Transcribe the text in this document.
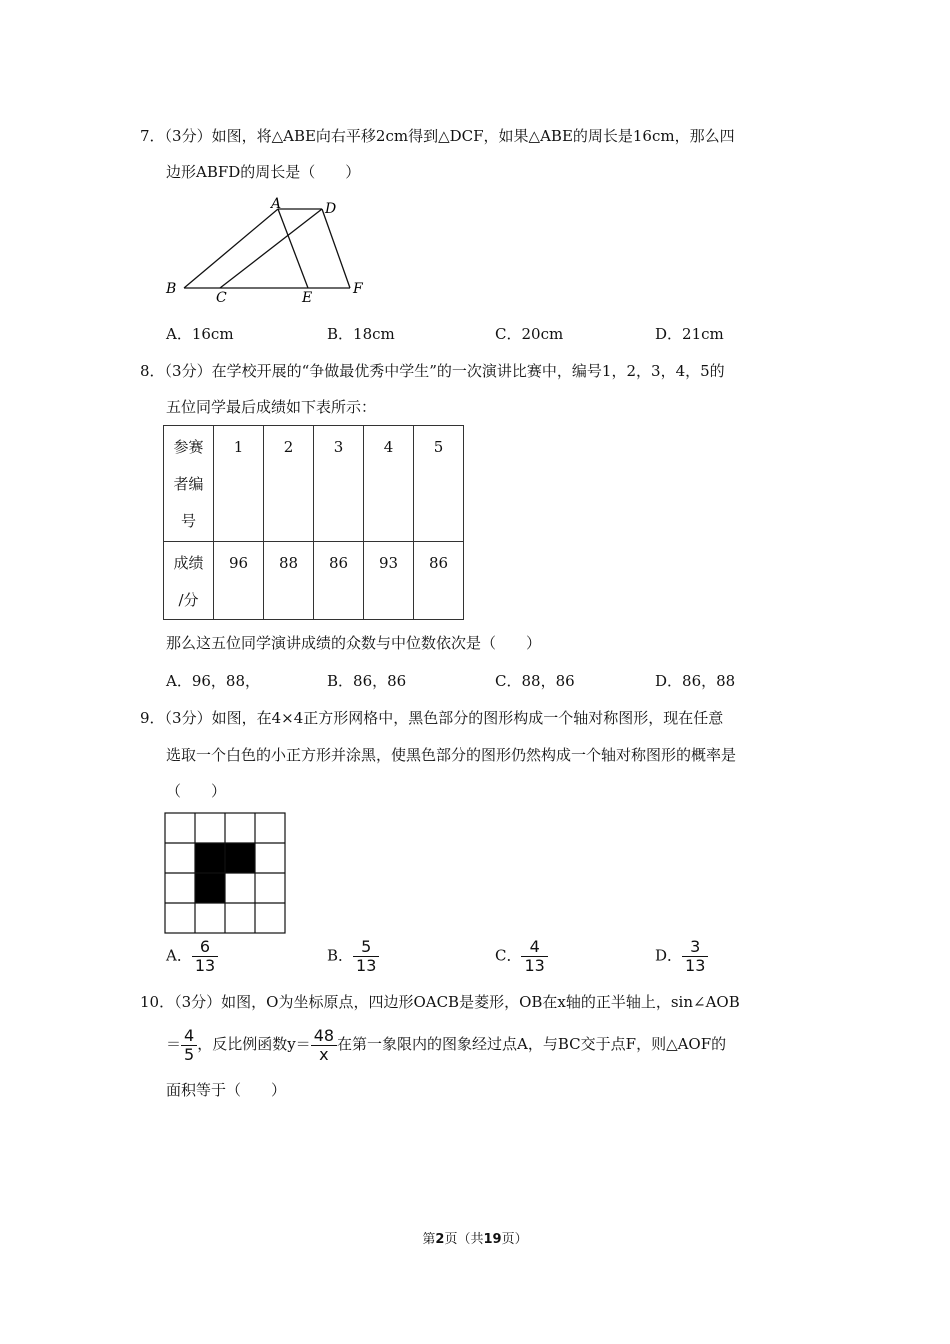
7．（3分）如图，将△ABE向右平移2cm得到△DCF，如果△ABE的周长是16cm，那么四
边形ABFD的周长是（　　）
A	D
B
C	E
F
A．16cm	B．18cm	C．20cm	D．21cm
8．（3分）在学校开展的“争做最优秀中学生”的一次演讲比赛中，编号1，2，3，4，5的
五位同学最后成绩如下表所示：
参赛
者编
号	1	2	3	4	5

成绩
/分	96	88	86	93	86
那么这五位同学演讲成绩的众数与中位数依次是（　　）
A．96，88，	B．86，86	C．88，86	D．86，88
9．（3分）如图，在4×4正方形网格中，黑色部分的图形构成一个轴对称图形，现在任意
选取一个白色的小正方形并涂黑，使黑色部分的图形仍然构成一个轴对称图形的概率是
（　　）
A． $\frac{6}{13}$	B． $\frac{5}{13}$	C． $\frac{4}{13}$	D． $\frac{3}{13}$
10．（3分）如图，O为坐标原点，四边形OACB是菱形，OB在x轴的正半轴上，sin∠AOB
＝ $\frac{4}{5}$ ，反比例函数$y= \frac{48}{x}$ 在第一象限内的图象经过点A，与BC交于点F，则△AOF的
面积等于（　　）
第2页（共19页）
